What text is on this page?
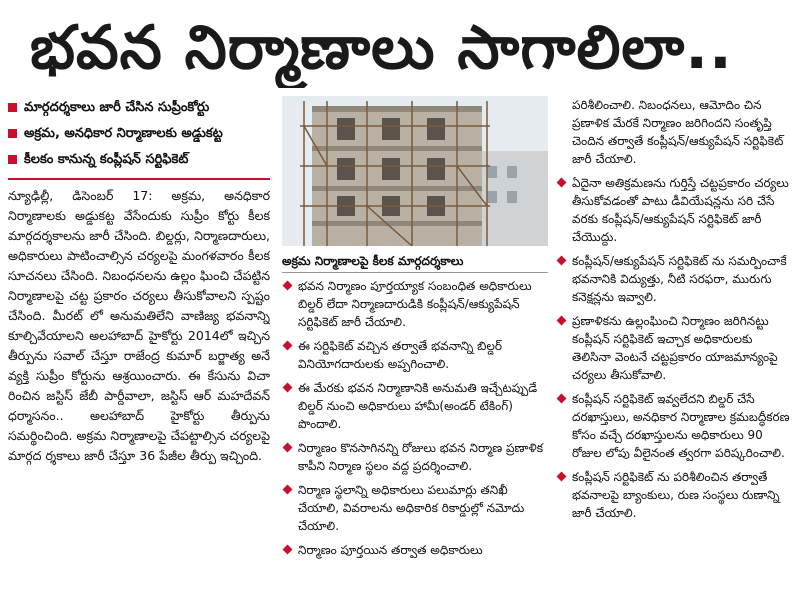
భవన నిర్మాణాలు సాగాలిలా..
మార్గదర్శకాలు జారీ చేసిన సుప్రీంకోర్టు
అక్రమ, అనధికార నిర్మాణాలకు అడ్డుకట్ట
కీలకం కానున్న కంప్లీషన్ సర్టిఫికెట్

న్యూఢిల్లీ, డిసెంబర్ 17: అక్రమ, అనధికార నిర్మాణాలకు అడ్డుకట్ట వేసేందుకు సుప్రీం కోర్టు కీలక మార్గదర్శకాలను జారీ చేసింది. బిల్డర్లు, నిర్మాణదారులు, అధికారులు పాటించాల్సిన చర్యలపై మంగళవారం కీలక సూచనలు చేసింది. నిబంధనలను ఉల్లం ఘించి చేపట్టిన నిర్మాణాలపై చట్ట ప్రకారం చర్యలు తీసుకోవాలని స్పష్టం చేసింది. మీరట్ లో అనుమతిలేని వాణిజ్య భవనాన్ని కూల్చివేయాలని అలహాబాద్ హైకోర్టు 2014లో ఇచ్చిన తీర్పును సవాల్ చేస్తూ రాజేంద్ర కుమార్ బర్జాత్య అనే వ్యక్తి సుప్రీం కోర్టును ఆశ్రయించారు. ఈ కేసును విచా రించిన జస్టిస్ జేబీ పార్దీవాలా, జస్టిస్ ఆర్ మహదేవన్ ధర్మాసనం.. అలహాబాద్ హైకోర్టు తీర్పును సమర్థించింది. అక్రమ నిర్మాణాలపై చేపట్టాల్సిన చర్యలపై మార్గద ర్శకాలు జారీ చేస్తూ 36 పేజీల తీర్పు ఇచ్చింది.

అక్రమ నిర్మాణాలపై కీలక మార్గదర్శకాలు
భవన నిర్మాణం పూర్తయ్యాక సంబంధిత అధికారులు బిల్డర్ లేదా నిర్మాణదారుడికి కంప్లీషన్/ఆక్యుపేషన్ సర్టిఫికెట్ జారీ చేయాలి.
ఈ సర్టిఫికెట్ వచ్చిన తర్వాతే భవనాన్ని బిల్డర్ వినియోగదారులకు అప్పగించాలి.
ఈ మేరకు భవన నిర్మాణానికి అనుమతి ఇచ్చేటప్పుడే బిల్డర్ నుంచి అధికారులు హామీ(అండర్ టేకింగ్) పొందాలి.
నిర్మాణం కొనసాగినన్ని రోజులు భవన నిర్మాణ ప్రణాళిక కాపీని నిర్మాణ స్థలం వద్ద ప్రదర్శించాలి.
నిర్మాణ స్థలాన్ని అధికారులు పలుమార్లు తనిఖీ చేయాలి, వివరాలను అధికారిక రికార్డుల్లో నమోదు చేయాలి.
నిర్మాణం పూర్తయిన తర్వాత అధికారులు

పరిశీలించాలి. నిబంధనలు, ఆమోదిం చిన ప్రణాళిక మేరకే నిర్మాణం జరిగిందని సంతృప్తి చెందిన తర్వాతే కంప్లీషన్/ఆక్యుపేషన్ సర్టిఫికెట్ జారీ చేయాలి.

ఏదైనా అతిక్రమణను గుర్తిస్తే చట్టప్రకారం చర్యలు తీసుకోవడంతో పాటు డీవియేషన్లను సరి చేసే వరకు కంప్లీషన్/ఆక్యుపేషన్ సర్టిఫికెట్ జారీ చేయొద్దు.
కంప్లీషన్/ఆక్యుపేషన్ సర్టిఫికెట్ ను సమర్పించాకే భవనానికి విద్యుత్తు, నీటి సరఫరా, మురుగు కనెక్షన్లను ఇవ్వాలి.
ప్రణాళికను ఉల్లంఘించి నిర్మాణం జరిగినట్టు కంప్లీషన్ సర్టిఫికెట్ ఇచ్చాక అధికారులకు తెలిసినా వెంటనే చట్టప్రకారం యాజమాన్యంపై చర్యలు తీసుకోవాలి.
కంప్లీషన్ సర్టిఫికెట్ ఇవ్వలేదని బిల్డర్ చేసే దరఖాస్తులు, అనధికార నిర్మాణాల క్రమబద్ధీకరణ కోసం వచ్చే దరఖాస్తులను అధికారులు 90 రోజుల లోపు వీలైనంత త్వరగా పరిష్కరించాలి.
కంప్లీషన్ సర్టిఫికెట్ ను పరిశీలించిన తర్వాతే భవనాలపై బ్యాంకులు, రుణ సంస్థలు రుణాన్ని జారీ చేయాలి.
